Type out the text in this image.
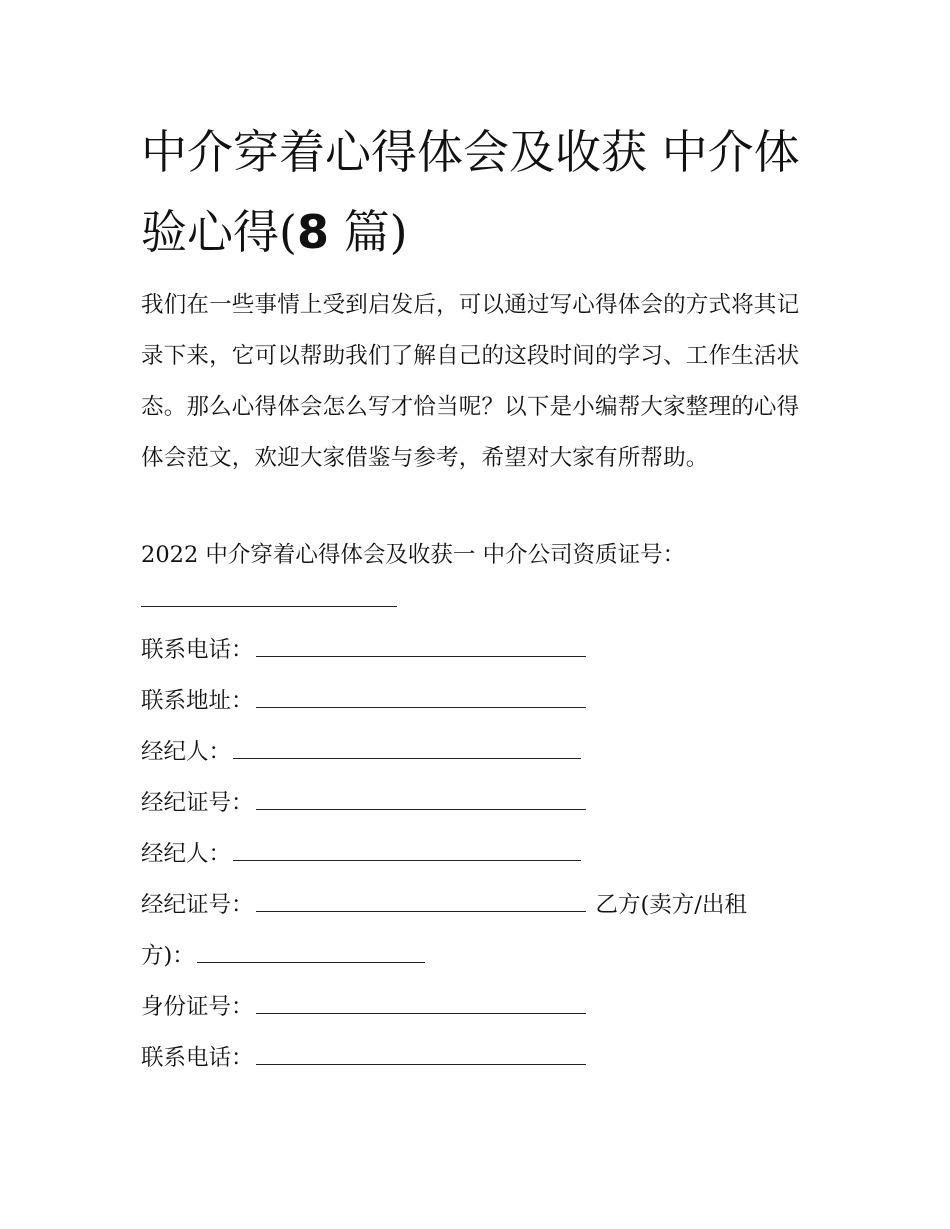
中介穿着心得体会及收获 中介体验心得(8 篇)

我们在一些事情上受到启发后，可以通过写心得体会的方式将其记录下来，它可以帮助我们了解自己的这段时间的学习、工作生活状态。那么心得体会怎么写才恰当呢？以下是小编帮大家整理的心得体会范文，欢迎大家借鉴与参考，希望对大家有所帮助。

2022 中介穿着心得体会及收获一 中介公司资质证号：
联系电话：
联系地址：
经纪人：
经纪证号：
经纪人：
经纪证号：	乙方(卖方/出租
方)：
身份证号：
联系电话：
